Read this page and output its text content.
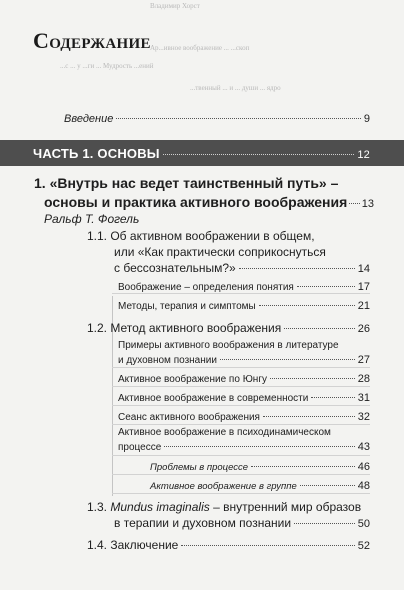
Владимир Хорст
Ар...ивное воображение ... ...скоп
...с ... у ...ги ... Мудрость ...ений
...твенный ... и ... души ... ядро
Содержание
Введение	9
ЧАСТЬ 1. ОСНОВЫ	12
1. «Внутрь нас ведет таинственный путь» –
основы и практика активного воображения 13
Ральф Т. Фогель
1.1. Об активном воображении в общем,
или «Как практически соприкоснуться
с бессознательным?»	14
Воображение – определения понятия	17
Методы, терапия и симптомы	21
1.2. Метод активного воображения	26
Примеры активного воображения в литературе
и духовном познании	27
Активное воображение по Юнгу	28
Активное воображение в современности	31
Сеанс активного воображения	32
Активное воображение в психодинамическом
процессе	43
Проблемы в процессе	46
Активное воображение в группе	48
1.3. Mundus imaginalis – внутренний мир образов
в терапии и духовном познании	50
1.4. Заключение	52
